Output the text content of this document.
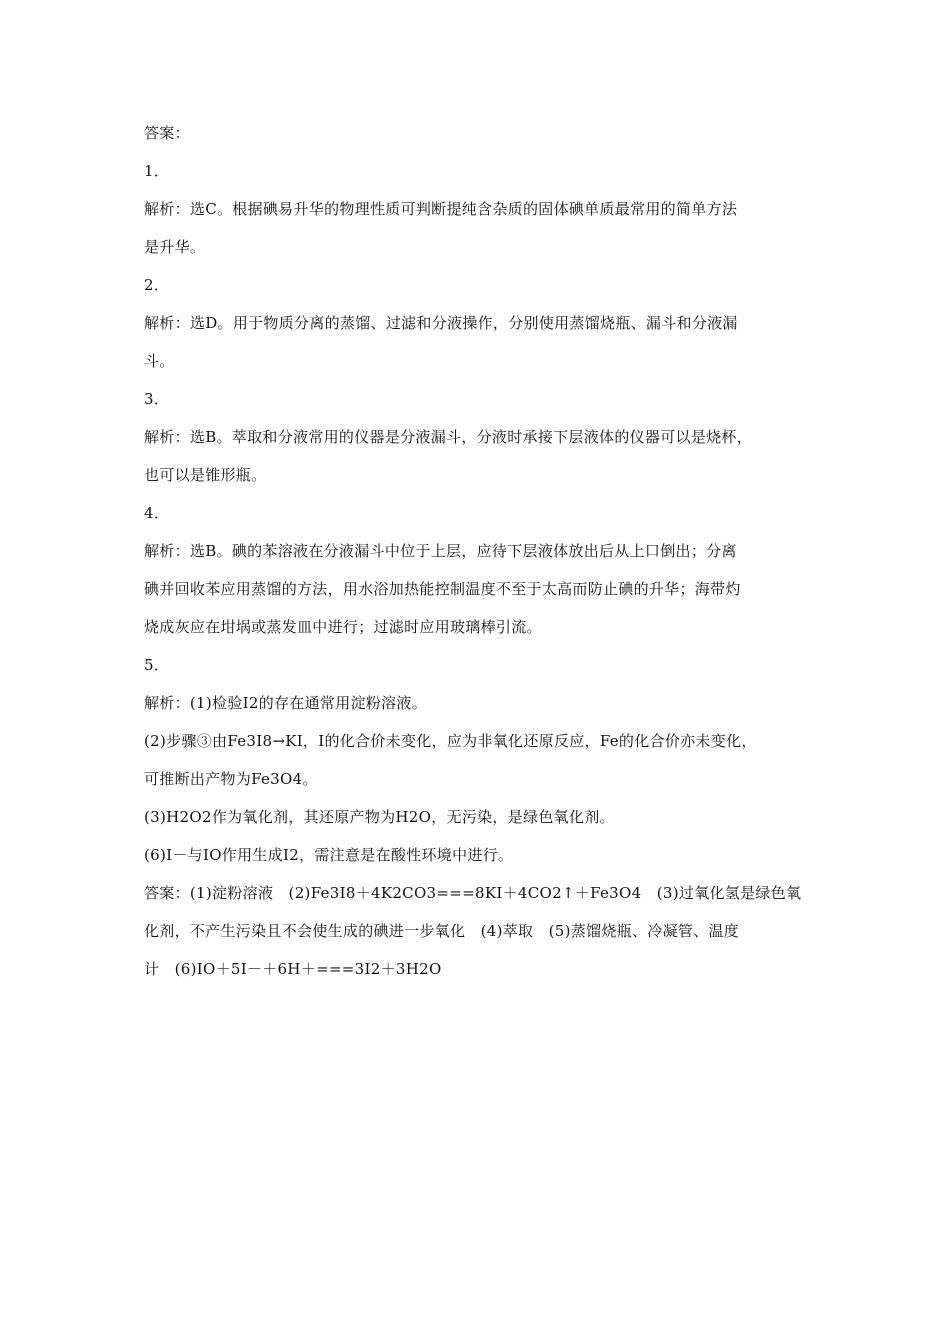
答案：
1．
解析：选C。根据碘易升华的物理性质可判断提纯含杂质的固体碘单质最常用的简单方法
是升华。
2．
解析：选D。用于物质分离的蒸馏、过滤和分液操作，分别使用蒸馏烧瓶、漏斗和分液漏
斗。
3．
解析：选B。萃取和分液常用的仪器是分液漏斗，分液时承接下层液体的仪器可以是烧杯，
也可以是锥形瓶。
4．
解析：选B。碘的苯溶液在分液漏斗中位于上层，应待下层液体放出后从上口倒出；分离
碘并回收苯应用蒸馏的方法，用水浴加热能控制温度不至于太高而防止碘的升华；海带灼
烧成灰应在坩埚或蒸发皿中进行；过滤时应用玻璃棒引流。
5．
解析：(1)检验I2的存在通常用淀粉溶液。
(2)步骤③由Fe3I8→KI，I的化合价未变化，应为非氧化还原反应，Fe的化合价亦未变化，
可推断出产物为Fe3O4。
(3)H2O2作为氧化剂，其还原产物为H2O，无污染，是绿色氧化剂。
(6)I－与IO作用生成I2，需注意是在酸性环境中进行。
答案：(1)淀粉溶液　(2)Fe3I8＋4K2CO3===8KI＋4CO2↑＋Fe3O4　(3)过氧化氢是绿色氧
化剂，不产生污染且不会使生成的碘进一步氧化　(4)萃取　(5)蒸馏烧瓶、冷凝管、温度
计　(6)IO＋5I－＋6H＋===3I2＋3H2O
